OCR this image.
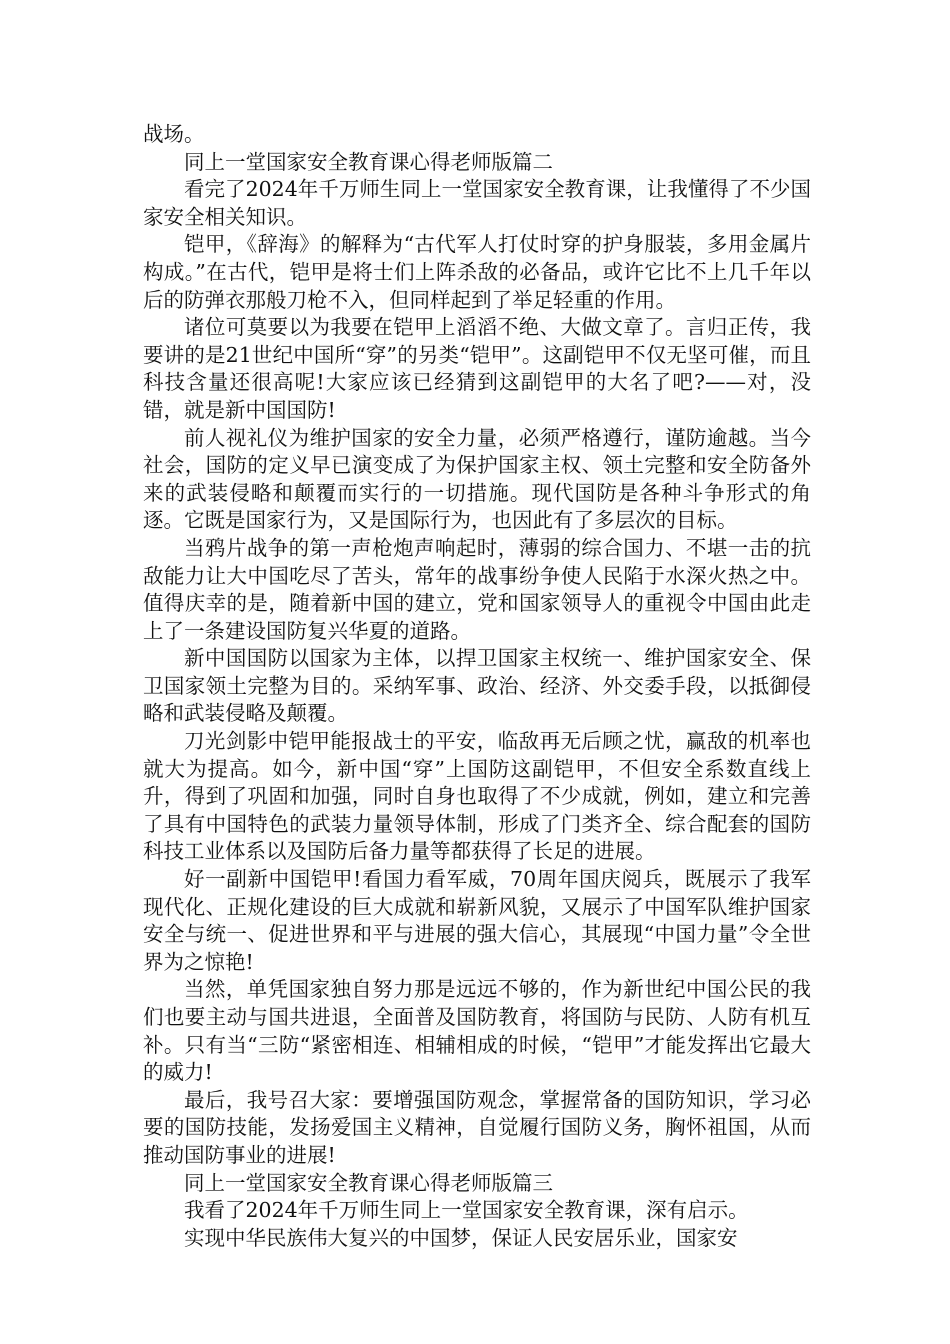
战场。

同上一堂国家安全教育课心得老师版篇二

看完了2024年千万师生同上一堂国家安全教育课，让我懂得了不少国家安全相关知识。

铠甲，《辞海》的解释为“古代军人打仗时穿的护身服装，多用金属片构成。”在古代，铠甲是将士们上阵杀敌的必备品，或许它比不上几千年以后的防弹衣那般刀枪不入，但同样起到了举足轻重的作用。

诸位可莫要以为我要在铠甲上滔滔不绝、大做文章了。言归正传，我要讲的是21世纪中国所“穿”的另类“铠甲”。这副铠甲不仅无坚可催，而且科技含量还很高呢!大家应该已经猜到这副铠甲的大名了吧?——对，没错，就是新中国国防!

前人视礼仪为维护国家的安全力量，必须严格遵行，谨防逾越。当今社会，国防的定义早已演变成了为保护国家主权、领土完整和安全防备外来的武装侵略和颠覆而实行的一切措施。现代国防是各种斗争形式的角逐。它既是国家行为，又是国际行为，也因此有了多层次的目标。

当鸦片战争的第一声枪炮声响起时，薄弱的综合国力、不堪一击的抗敌能力让大中国吃尽了苦头，常年的战事纷争使人民陷于水深火热之中。值得庆幸的是，随着新中国的建立，党和国家领导人的重视令中国由此走上了一条建设国防复兴华夏的道路。

新中国国防以国家为主体，以捍卫国家主权统一、维护国家安全、保卫国家领土完整为目的。采纳军事、政治、经济、外交委手段，以抵御侵略和武装侵略及颠覆。

刀光剑影中铠甲能报战士的平安，临敌再无后顾之忧，赢敌的机率也就大为提高。如今，新中国“穿”上国防这副铠甲，不但安全系数直线上升，得到了巩固和加强，同时自身也取得了不少成就，例如，建立和完善了具有中国特色的武装力量领导体制，形成了门类齐全、综合配套的国防科技工业体系以及国防后备力量等都获得了长足的进展。

好一副新中国铠甲!看国力看军威，70周年国庆阅兵，既展示了我军现代化、正规化建设的巨大成就和崭新风貌，又展示了中国军队维护国家安全与统一、促进世界和平与进展的强大信心，其展现“中国力量”令全世界为之惊艳!

当然，单凭国家独自努力那是远远不够的，作为新世纪中国公民的我们也要主动与国共进退，全面普及国防教育，将国防与民防、人防有机互补。只有当“三防“紧密相连、相辅相成的时候，“铠甲”才能发挥出它最大的威力!

最后，我号召大家：要增强国防观念，掌握常备的国防知识，学习必要的国防技能，发扬爱国主义精神，自觉履行国防义务，胸怀祖国，从而推动国防事业的进展!

同上一堂国家安全教育课心得老师版篇三

我看了2024年千万师生同上一堂国家安全教育课，深有启示。

实现中华民族伟大复兴的中国梦，保证人民安居乐业，国家安
